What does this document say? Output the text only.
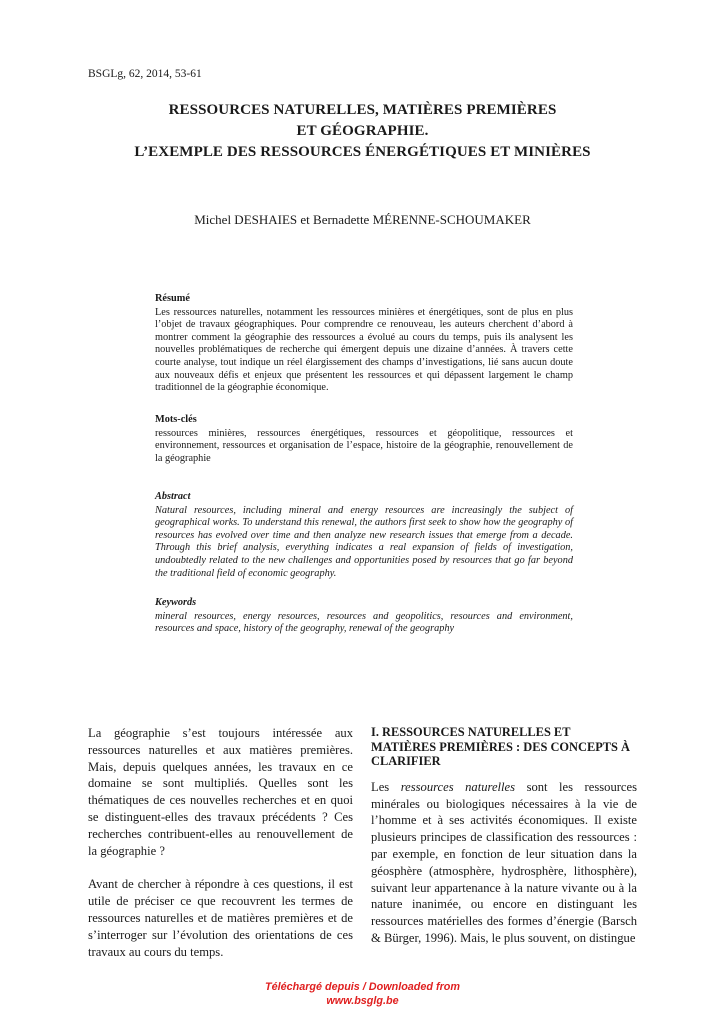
BSGLg, 62, 2014, 53-61
RESSOURCES NATURELLES, MATIÈRES PREMIÈRES
ET GÉOGRAPHIE.
L’EXEMPLE DES RESSOURCES ÉNERGÉTIQUES ET MINIÈRES
Michel DESHAIES et Bernadette MÉRENNE-SCHOUMAKER
Résumé
Les ressources naturelles, notamment les ressources minières et énergétiques, sont de plus en plus l’objet de travaux géographiques. Pour comprendre ce renouveau, les auteurs cherchent d’abord à montrer comment la géographie des ressources a évolué au cours du temps, puis ils analysent les nouvelles problématiques de recherche qui émergent depuis une dizaine d’années. À travers cette courte analyse, tout indique un réel élargissement des champs d’investigations, lié sans aucun doute aux nouveaux défis et enjeux que présentent les ressources et qui dépassent largement le champ traditionnel de la géographie économique.
Mots-clés
ressources minières, ressources énergétiques, ressources et géopolitique, ressources et environnement, ressources et organisation de l’espace, histoire de la géographie, renouvellement de la géographie
Abstract
Natural resources, including mineral and energy resources are increasingly the subject of geographical works. To understand this renewal, the authors first seek to show how the geography of resources has evolved over time and then analyze new research issues that emerge from a decade. Through this brief analysis, everything indicates a real expansion of fields of investigation, undoubtedly related to the new challenges and opportunities posed by resources that go far beyond the traditional field of economic geography.
Keywords
mineral resources, energy resources, resources and geopolitics, resources and environment, resources and space, history of the geography, renewal of the geography

La géographie s’est toujours intéressée aux ressources naturelles et aux matières premières. Mais, depuis quelques années, les travaux en ce domaine se sont multipliés. Quelles sont les thématiques de ces nouvelles recherches et en quoi se distinguent-elles des travaux précédents ? Ces recherches contribuent-elles au renouvellement de la géographie ?

Avant de chercher à répondre à ces questions, il est utile de préciser ce que recouvrent les termes de ressources naturelles et de matières premières et de s’interroger sur l’évolution des orientations de ces travaux au cours du temps.

I. RESSOURCES NATURELLES ET MATIÈRES PREMIÈRES : DES CONCEPTS À CLARIFIER

Les ressources naturelles sont les ressources minérales ou biologiques nécessaires à la vie de l’homme et à ses activités économiques. Il existe plusieurs principes de classification des ressources : par exemple, en fonction de leur situation dans la géosphère (atmosphère, hydrosphère, lithosphère), suivant leur appartenance à la nature vivante ou à la nature inanimée, ou encore en distinguant les ressources matérielles des formes d’énergie (Barsch & Bürger, 1996). Mais, le plus souvent, on distingue

Téléchargé depuis / Downloaded from
www.bsglg.be
